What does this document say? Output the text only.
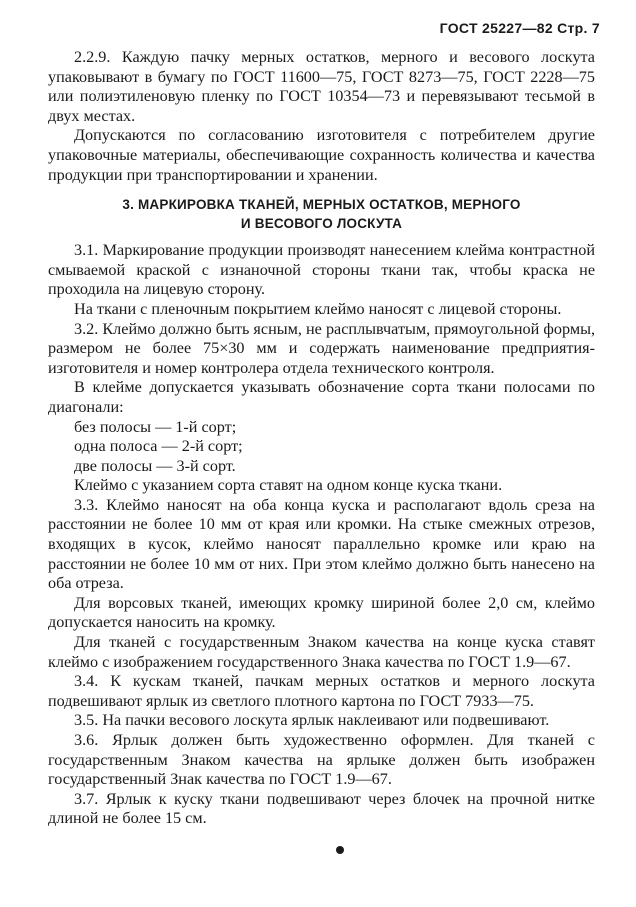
ГОСТ 25227—82 Стр. 7

2.2.9. Каждую пачку мерных остатков, мерного и весового лоскута упаковывают в бумагу по ГОСТ 11600—75, ГОСТ 8273—75, ГОСТ 2228—75 или полиэтиленовую пленку по ГОСТ 10354—73 и перевязывают тесьмой в двух местах.

Допускаются по согласованию изготовителя с потребителем другие упаковочные материалы, обеспечивающие сохранность количества и качества продукции при транспортировании и хранении.

3. МАРКИРОВКА ТКАНЕЙ, МЕРНЫХ ОСТАТКОВ, МЕРНОГО
И ВЕСОВОГО ЛОСКУТА

3.1. Маркирование продукции производят нанесением клейма контрастной смываемой краской с изнаночной стороны ткани так, чтобы краска не проходила на лицевую сторону.

На ткани с пленочным покрытием клеймо наносят с лицевой стороны.

3.2. Клеймо должно быть ясным, не расплывчатым, прямоугольной формы, размером не более 75×30 мм и содержать наименование предприятия-изготовителя и номер контролера отдела технического контроля.

В клейме допускается указывать обозначение сорта ткани полосами по диагонали:

без полосы — 1-й сорт;

одна полоса — 2-й сорт;

две полосы — 3-й сорт.

Клеймо с указанием сорта ставят на одном конце куска ткани.

3.3. Клеймо наносят на оба конца куска и располагают вдоль среза на расстоянии не более 10 мм от края или кромки. На стыке смежных отрезов, входящих в кусок, клеймо наносят параллельно кромке или краю на расстоянии не более 10 мм от них. При этом клеймо должно быть нанесено на оба отреза.

Для ворсовых тканей, имеющих кромку шириной более 2,0 см, клеймо допускается наносить на кромку.

Для тканей с государственным Знаком качества на конце куска ставят клеймо с изображением государственного Знака качества по ГОСТ 1.9—67.

3.4. К кускам тканей, пачкам мерных остатков и мерного лоскута подвешивают ярлык из светлого плотного картона по ГОСТ 7933—75.

3.5. На пачки весового лоскута ярлык наклеивают или подвешивают.

3.6. Ярлык должен быть художественно оформлен. Для тканей с государственным Знаком качества на ярлыке должен быть изображен государственный Знак качества по ГОСТ 1.9—67.

3.7. Ярлык к куску ткани подвешивают через блочек на прочной нитке длиной не более 15 см.
